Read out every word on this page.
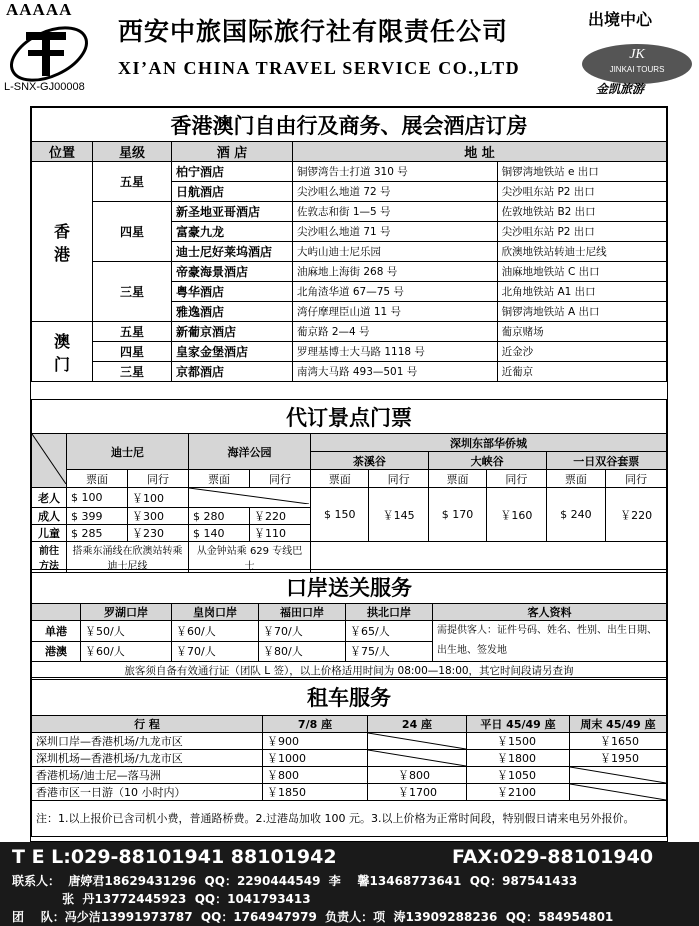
AAAAA
西安中旅国际旅行社有限责任公司
XI’AN CHINA TRAVEL SERVICE CO.,LTD
L-SNX-GJ00008
出境中心
JK
JINKAI TOURS
金凯旅游
香港澳门自由行及商务、展会酒店订房				
位置	星级	酒 店	地 址	
香
港	五星	柏宁酒店	铜锣湾告士打道 310 号	铜锣湾地铁站 e 出口
		日航酒店	尖沙咀么地道 72 号	尖沙咀东站 P2 出口
	四星	新圣地亚哥酒店	佐敦志和街 1—5 号	佐敦地铁站 B2 出口
		富豪九龙	尖沙咀么地道 71 号	尖沙咀东站 P2 出口
		迪士尼好莱坞酒店	大屿山迪士尼乐园	欣澳地铁站转迪士尼线
	三星	帝豪海景酒店	油麻地上海街 268 号	油麻地地铁站 C 出口
		粤华酒店	北角渣华道 67—75 号	北角地铁站 A1 出口
		雅逸酒店	湾仔摩理臣山道 11 号	铜锣湾地铁站 A 出口
澳
门	五星	新葡京酒店	葡京路 2—4 号	葡京赌场
	四星	皇家金堡酒店	罗理基博士大马路 1118 号	近金沙
	三星	京都酒店	南湾大马路 493—501 号	近葡京
代订景点门票										
	迪士尼		海洋公园		深圳东部华侨城					
					茶溪谷		大峡谷		一日双谷套票	
	票面	同行	票面	同行	票面	同行	票面	同行	票面	同行
老人	$ 100	￥100			$ 150	￥145	$ 170	￥160	$ 240	￥220
成人	$ 399	￥300	$ 280	￥220						
儿童	$ 285	￥230	$ 140	￥110						
前往
方法	搭乘东涌线在欣澳站转乘迪士尼线		从金钟站乘 629 专线巴士							
口岸送关服务					
	罗湖口岸	皇岗口岸	福田口岸	拱北口岸	客人资料
单港	￥50/人	￥60/人	￥70/人	￥65/人	需提供客人：证件号码、姓名、性别、出生日期、出生地、签发地
港澳	￥60/人	￥70/人	￥80/人	￥75/人	
旅客须自备有效通行证（团队 L 签），以上价格适用时间为 08:00—18:00，其它时间段请另查询					
租车服务				
行 程	7/8 座	24 座	平日 45/49 座	周末 45/49 座
深圳口岸—香港机场/九龙市区	￥900		￥1500	￥1650
深圳机场—香港机场/九龙市区	￥1000		￥1800	￥1950
香港机场/迪士尼—落马洲	￥800	￥800	￥1050	

香港市区一日游（10 小时内）	￥1850	￥1700	￥2100	

注：1.以上报价已含司机小费，普通路桥费。2.过港岛加收 100 元。3.以上价格为正常时间段，特别假日请来电另外报价。				
T E L:029-88101941 88101942	FAX:029-88101940
联系人：  唐婷君18629431296  QQ：2290444549  李    馨13468773641  QQ：987541433
张  丹13772445923  QQ：1041793413
团    队：冯少洁13991973787  QQ：1764947979  负责人：项  涛13909288236  QQ：584954801
